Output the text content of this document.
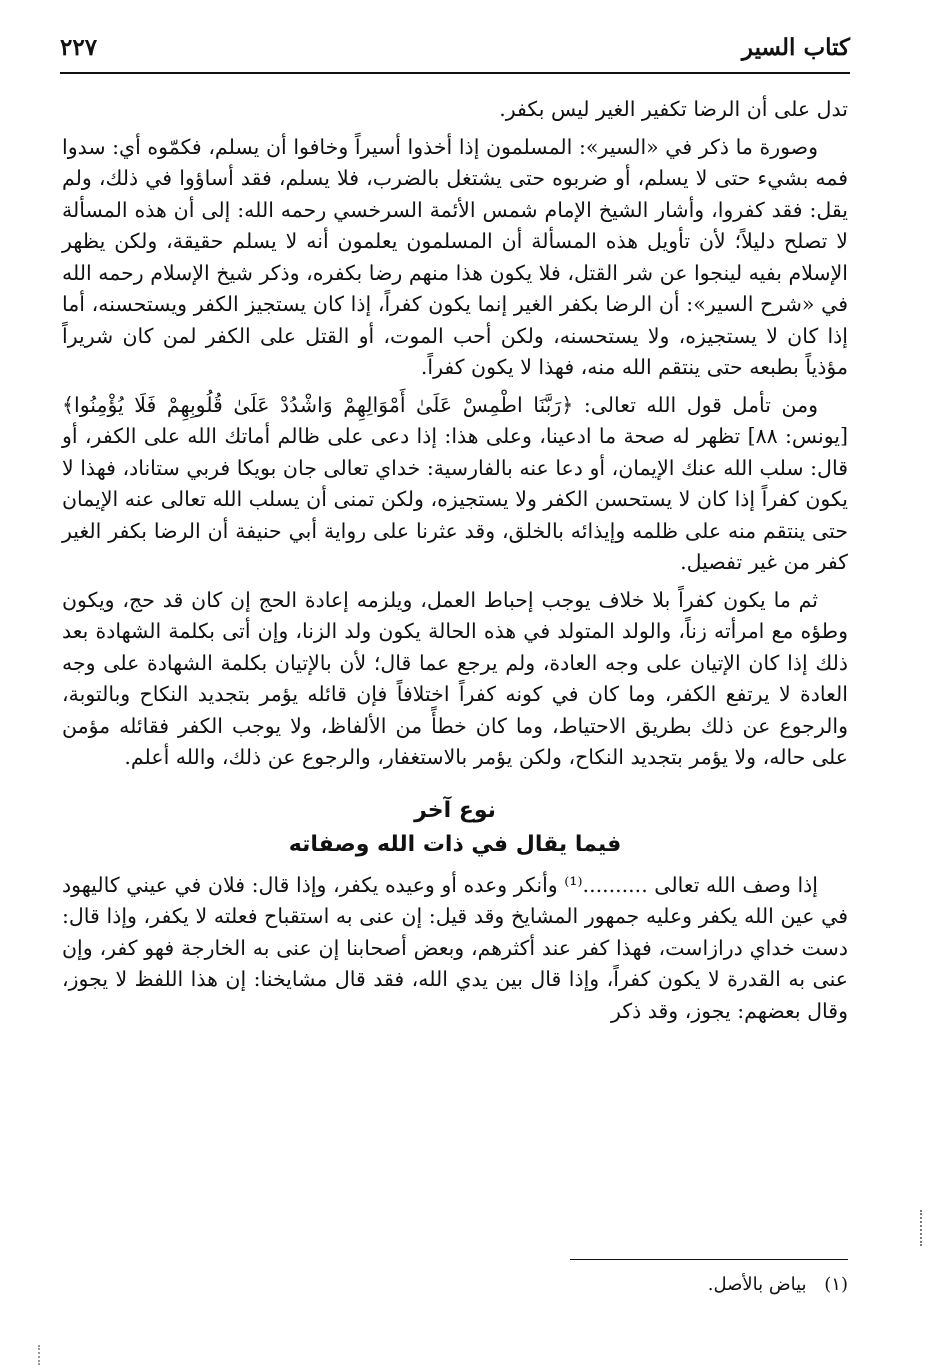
كتاب السير
٢٢٧

تدل على أن الرضا تكفير الغير ليس بكفر.

وصورة ما ذكر في «السير»: المسلمون إذا أخذوا أسيراً وخافوا أن يسلم، فكمّوه أي: سدوا فمه بشيء حتى لا يسلم، أو ضربوه حتى يشتغل بالضرب، فلا يسلم، فقد أساؤوا في ذلك، ولم يقل: فقد كفروا، وأشار الشيخ الإمام شمس الأئمة السرخسي رحمه الله: إلى أن هذه المسألة لا تصلح دليلاً؛ لأن تأويل هذه المسألة أن المسلمون يعلمون أنه لا يسلم حقيقة، ولكن يظهر الإسلام بفيه لينجوا عن شر القتل، فلا يكون هذا منهم رضا بكفره، وذكر شيخ الإسلام رحمه الله في «شرح السير»: أن الرضا بكفر الغير إنما يكون كفراً، إذا كان يستجيز الكفر ويستحسنه، أما إذا كان لا يستجيزه، ولا يستحسنه، ولكن أحب الموت، أو القتل على الكفر لمن كان شريراً مؤذياً بطبعه حتى ينتقم الله منه، فهذا لا يكون كفراً.

ومن تأمل قول الله تعالى: ﴿رَبَّنَا اطْمِسْ عَلَىٰ أَمْوَالِهِمْ وَاشْدُدْ عَلَىٰ قُلُوبِهِمْ فَلَا يُؤْمِنُوا﴾ [يونس: ٨٨] تظهر له صحة ما ادعينا، وعلى هذا: إذا دعى على ظالم أماتك الله على الكفر، أو قال: سلب الله عنك الإيمان، أو دعا عنه بالفارسية: خداي تعالى جان بويكا فربي ستاناد، فهذا لا يكون كفراً إذا كان لا يستحسن الكفر ولا يستجيزه، ولكن تمنى أن يسلب الله تعالى عنه الإيمان حتى ينتقم منه على ظلمه وإيذائه بالخلق، وقد عثرنا على رواية أبي حنيفة أن الرضا بكفر الغير كفر من غير تفصيل.

ثم ما يكون كفراً بلا خلاف يوجب إحباط العمل، ويلزمه إعادة الحج إن كان قد حج، ويكون وطؤه مع امرأته زناً، والولد المتولد في هذه الحالة يكون ولد الزنا، وإن أتى بكلمة الشهادة بعد ذلك إذا كان الإتيان على وجه العادة، ولم يرجع عما قال؛ لأن بالإتيان بكلمة الشهادة على وجه العادة لا يرتفع الكفر، وما كان في كونه كفراً اختلافاً فإن قائله يؤمر بتجديد النكاح وبالتوبة، والرجوع عن ذلك بطريق الاحتياط، وما كان خطأً من الألفاظ، ولا يوجب الكفر فقائله مؤمن على حاله، ولا يؤمر بتجديد النكاح، ولكن يؤمر بالاستغفار، والرجوع عن ذلك، والله أعلم.

نوع آخر
فيما يقال في ذات الله وصفاته

إذا وصف الله تعالى ..........⁽¹⁾ وأنكر وعده أو وعيده يكفر، وإذا قال: فلان في عيني كاليهود في عين الله يكفر وعليه جمهور المشايخ وقد قيل: إن عنى به استقباح فعلته لا يكفر، وإذا قال: دست خداي درازاست، فهذا كفر عند أكثرهم، وبعض أصحابنا إن عنى به الخارجة فهو كفر، وإن عنى به القدرة لا يكون كفراً، وإذا قال بين يدي الله، فقد قال مشايخنا: إن هذا اللفظ لا يجوز، وقال بعضهم: يجوز، وقد ذكر

(١) بياض بالأصل.
